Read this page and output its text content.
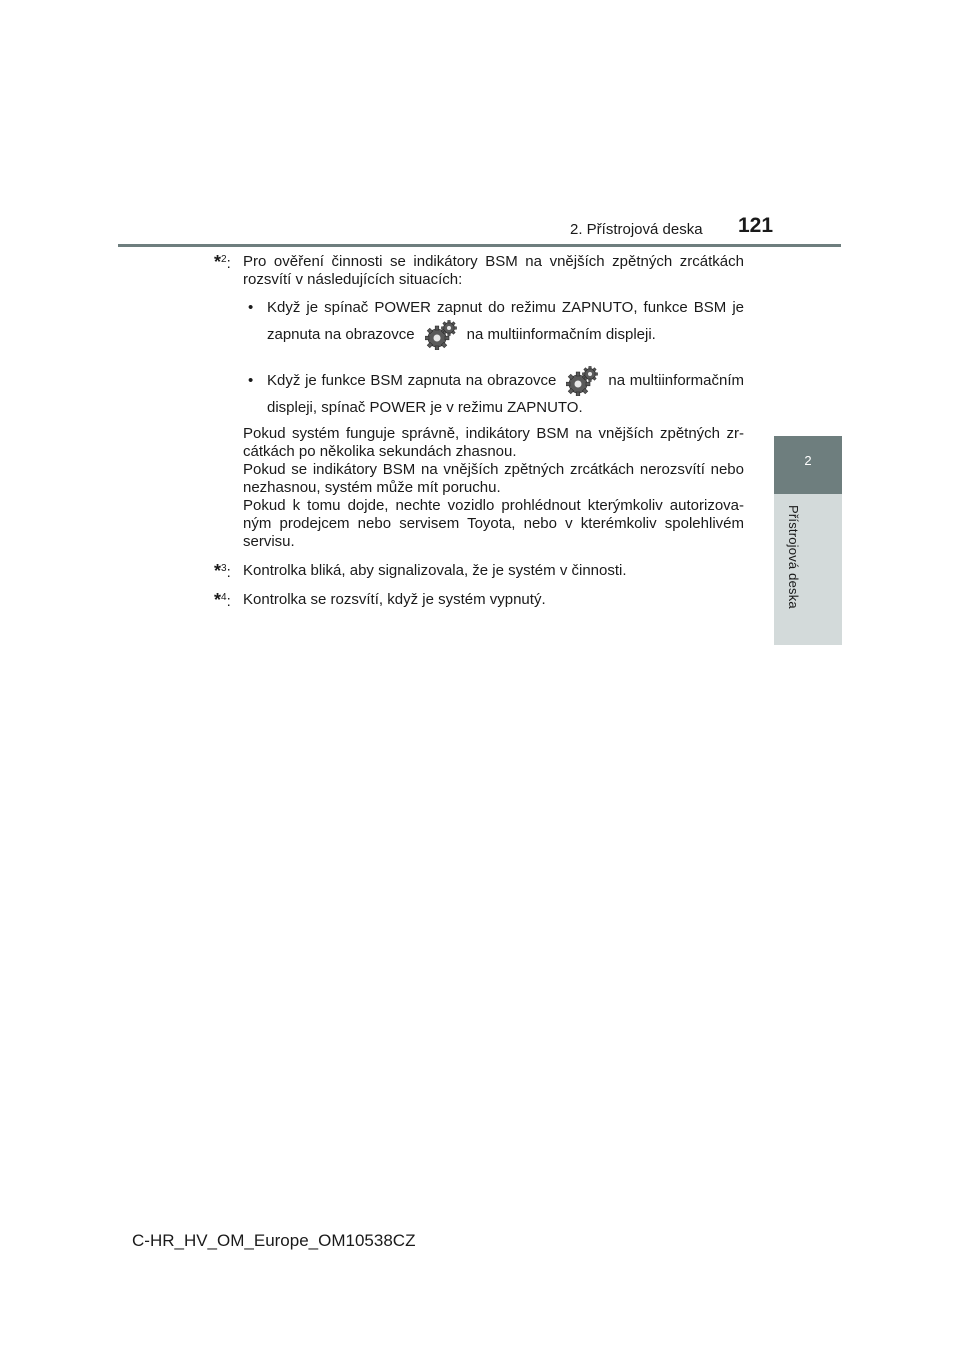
2. Přístrojová deska 121
2
Přístrojová deska
*$^2$: Pro ověření činnosti se indikátory BSM na vnějších zpětných zrcátkách rozsvítí v následujících situacích:

• Když je spínač POWER zapnut do režimu ZAPNUTO, funkce BSM je
zapnuta na obrazovce	na multiinformačním displeji.
• Když je funkce BSM zapnuta na obrazovce	na multiinformačním
displeji, spínač POWER je v režimu ZAPNUTO.

Pokud systém funguje správně, indikátory BSM na vnějších zpětných zr- cátkách po několika sekundách zhasnou.

Pokud se indikátory BSM na vnějších zpětných zrcátkách nerozsvítí nebo nezhasnou, systém může mít poruchu.

Pokud k tomu dojde, nechte vozidlo prohlédnout kterýmkoliv autorizova- ným prodejcem nebo servisem Toyota, nebo v kterémkoliv spolehlivém servisu.

*$^3$: Kontrolka bliká, aby signalizovala, že je systém v činnosti.

*$^4$: Kontrolka se rozsvítí, když je systém vypnutý.

C-HR_HV_OM_Europe_OM10538CZ
